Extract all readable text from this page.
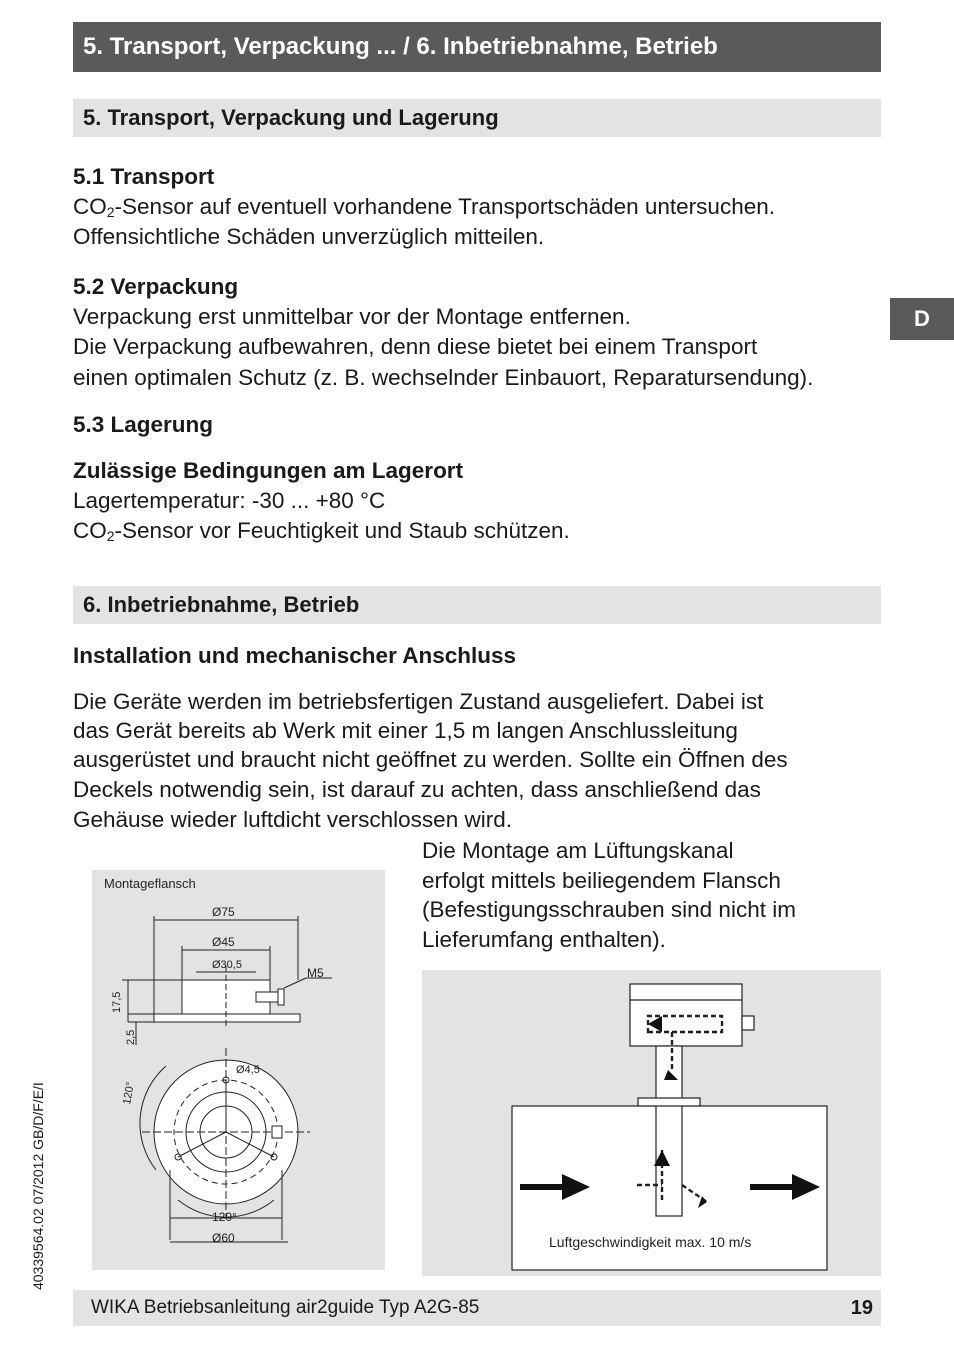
5. Transport, Verpackung ... / 6. Inbetriebnahme, Betrieb
D
40339564.02 07/2012 GB/D/F/E/I
5. Transport, Verpackung und Lagerung
5.1 Transport
$CO_2$-Sensor auf eventuell vorhandene Transportschäden untersuchen.
Offensichtliche Schäden unverzüglich mitteilen.
5.2 Verpackung
Verpackung erst unmittelbar vor der Montage entfernen.
Die Verpackung aufbewahren, denn diese bietet bei einem Transport
einen optimalen Schutz (z. B. wechselnder Einbauort, Reparatursendung).
5.3 Lagerung
Zulässige Bedingungen am Lagerort
Lagertemperatur: -30 ... +80 °C
$CO_2$-Sensor vor Feuchtigkeit und Staub schützen.
6. Inbetriebnahme, Betrieb
Installation und mechanischer Anschluss
Die Geräte werden im betriebsfertigen Zustand ausgeliefert. Dabei ist
das Gerät bereits ab Werk mit einer 1,5 m langen Anschlussleitung
ausgerüstet und braucht nicht geöffnet zu werden. Sollte ein Öffnen des
Deckels notwendig sein, ist darauf zu achten, dass anschließend das
Gehäuse wieder luftdicht verschlossen wird.
Die Montage am Lüftungskanal
erfolgt mittels beiliegendem Flansch
(Befestigungsschrauben sind nicht im
Lieferumfang enthalten).
Montageflansch
Ø75
Ø45
Ø30,5
M5
17,5
2,5
Ø4,5
120°
120°
Ø60	Luftgeschwindigkeit max. 10 m/s
WIKA Betriebsanleitung air2guide Typ A2G-85	19
